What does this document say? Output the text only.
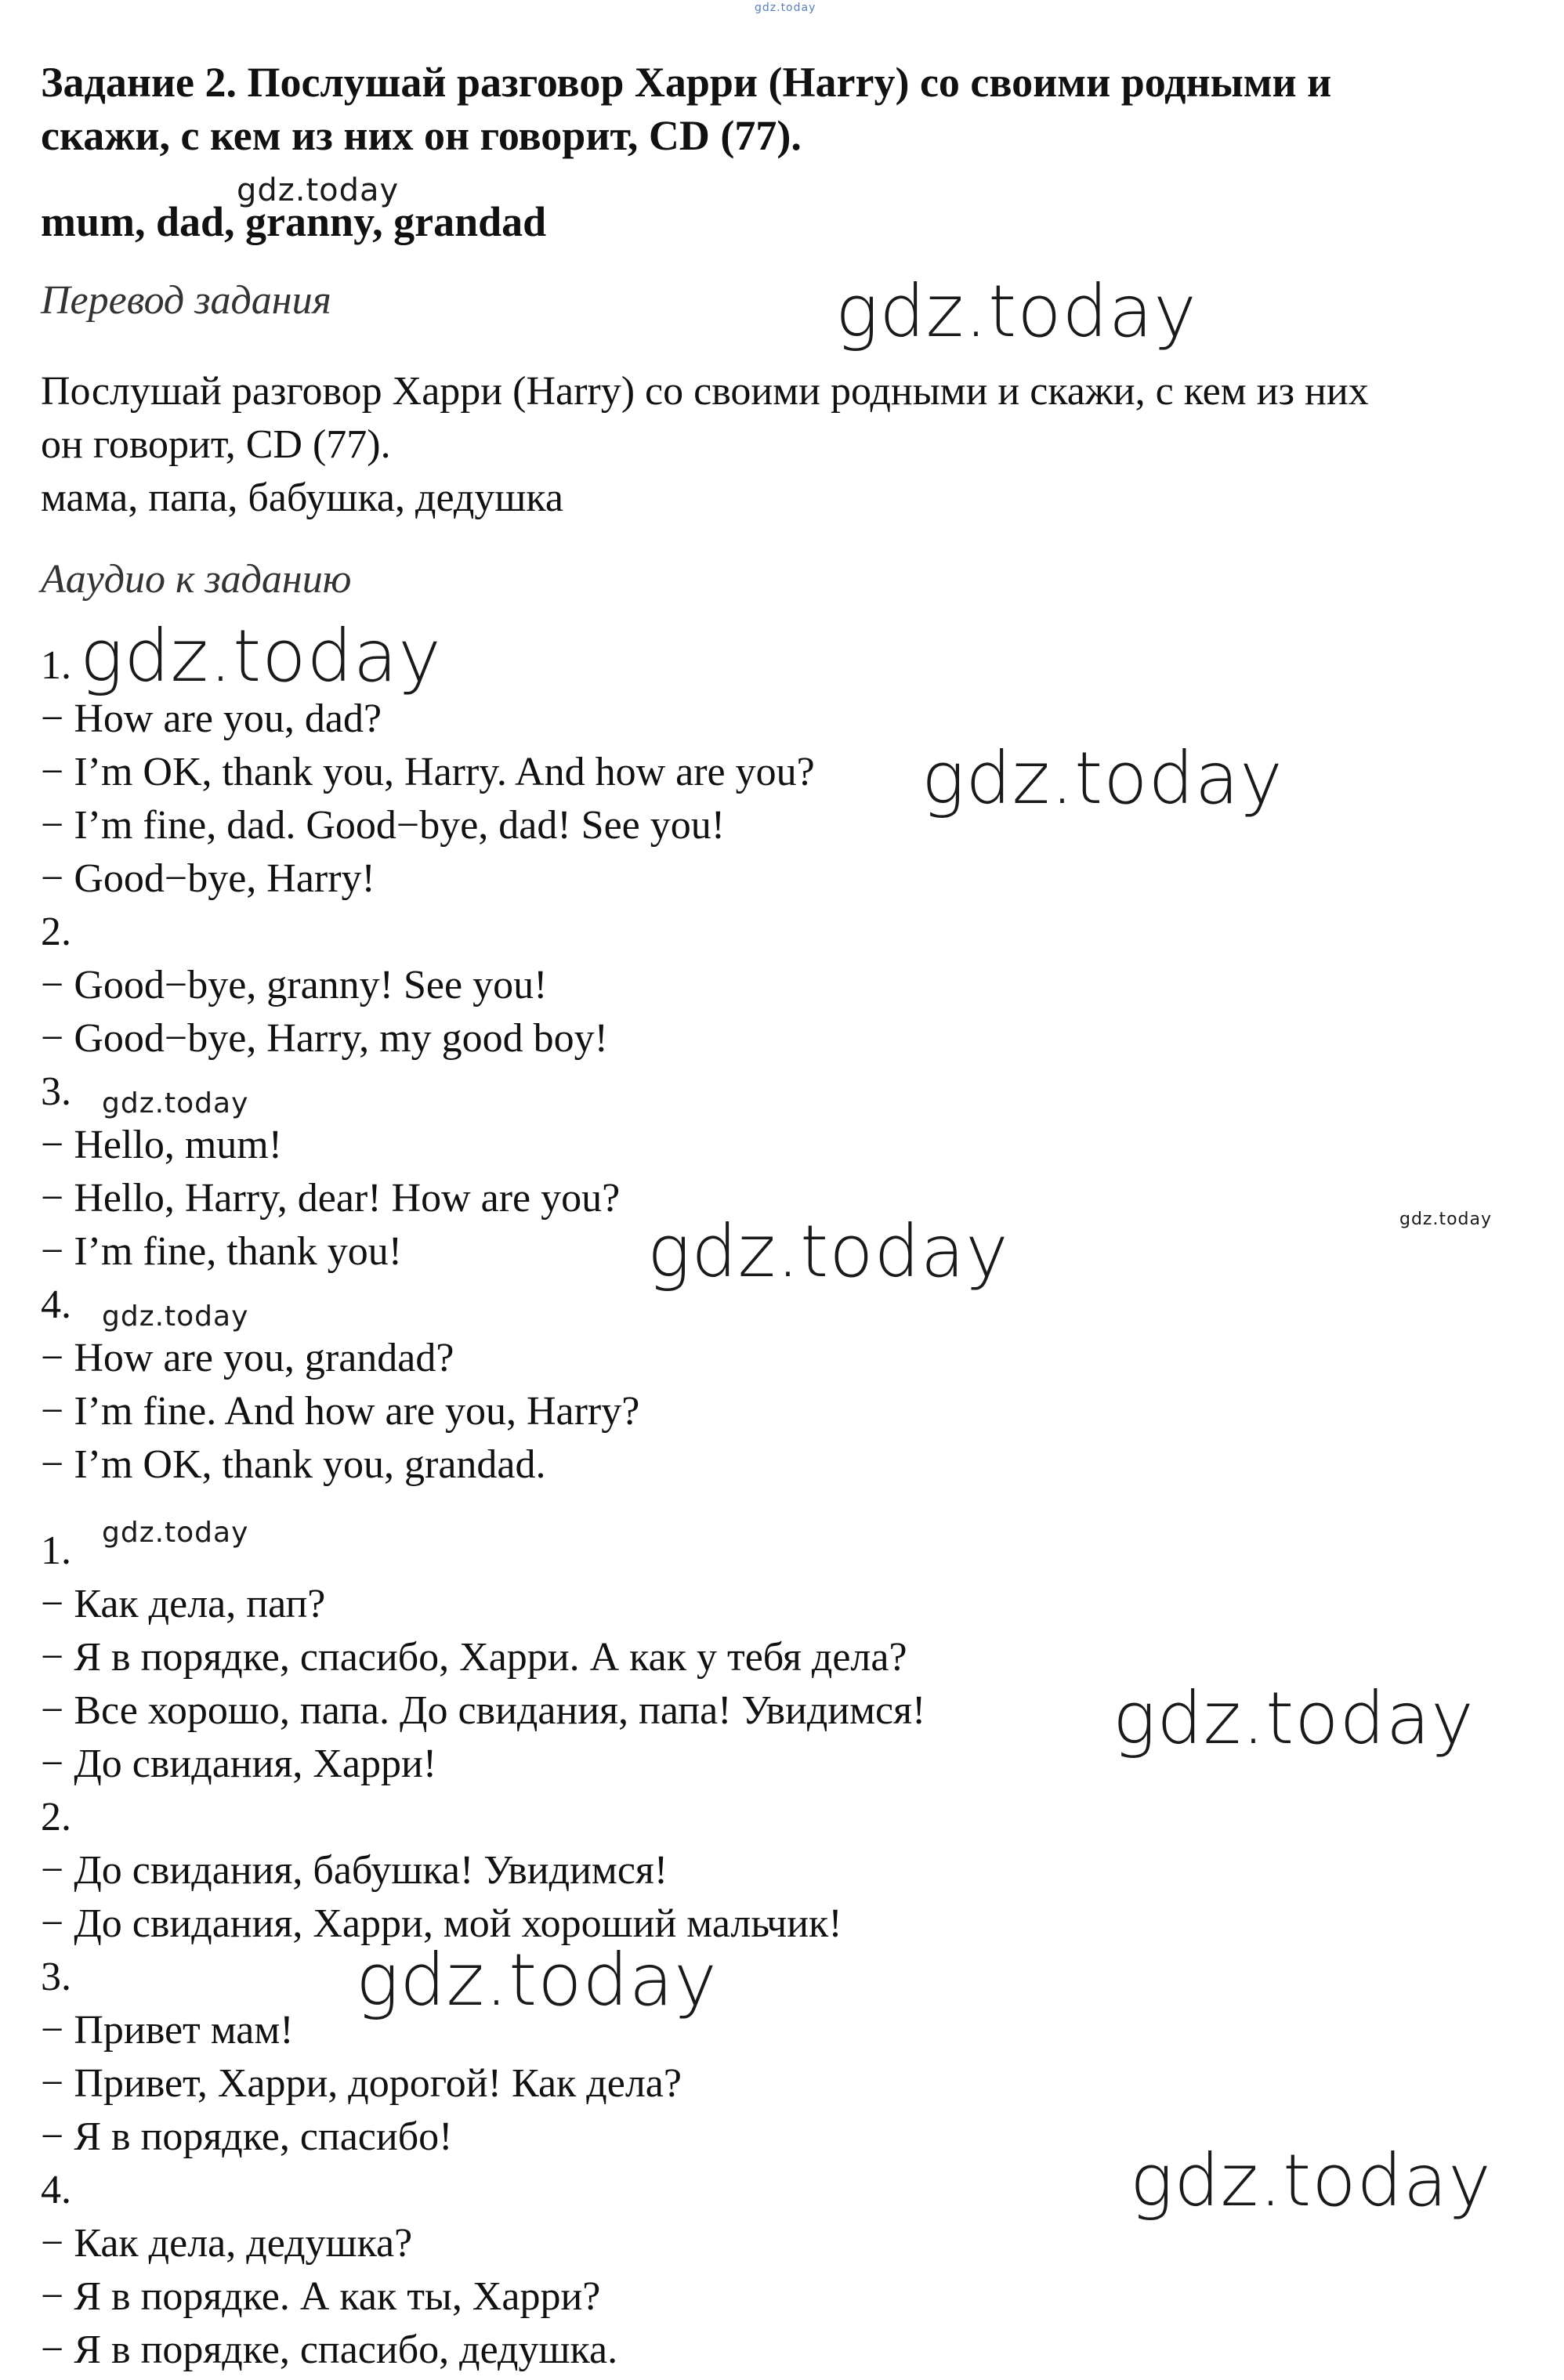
Задание 2. Послушай разговор Харри (Harry) со своими родными и
скажи, с кем из них он говорит, CD (77).
mum, dad, granny, grandad
Перевод задания
Послушай разговор Харри (Harry) со своими родными и скажи, с кем из них
он говорит, CD (77).
мама, папа, бабушка, дедушка
Аaудио к заданию
1.
− How are you, dad?
− I’m OK, thank you, Harry. And how are you?
− I’m fine, dad. Good−bye, dad! See you!
− Good−bye, Harry!
2.
− Good−bye, granny! See you!
− Good−bye, Harry, my good boy!
3.
− Hello, mum!
− Hello, Harry, dear! How are you?
− I’m fine, thank you!
4.
− How are you, grandad?
− I’m fine. And how are you, Harry?
− I’m OK, thank you, grandad.
1.
− Как дела, пап?
− Я в порядке, спасибо, Харри. А как у тебя дела?
− Все хорошо, папа. До свидания, папа! Увидимся!
− До свидания, Харри!
2.
− До свидания, бабушка! Увидимся!
− До свидания, Харри, мой хороший мальчик!
3.
− Привет мам!
− Привет, Харри, дорогой! Как дела?
− Я в порядке, спасибо!
4.
− Как дела, дедушка?
− Я в порядке. А как ты, Харри?
− Я в порядке, спасибо, дедушка.
gdz.today
gdz.today
gdz.today
gdz.today
gdz.today
gdz.today
gdz.today	gdz.today
gdz.today
gdz.today
gdz.today
gdz.today
gdz.today
